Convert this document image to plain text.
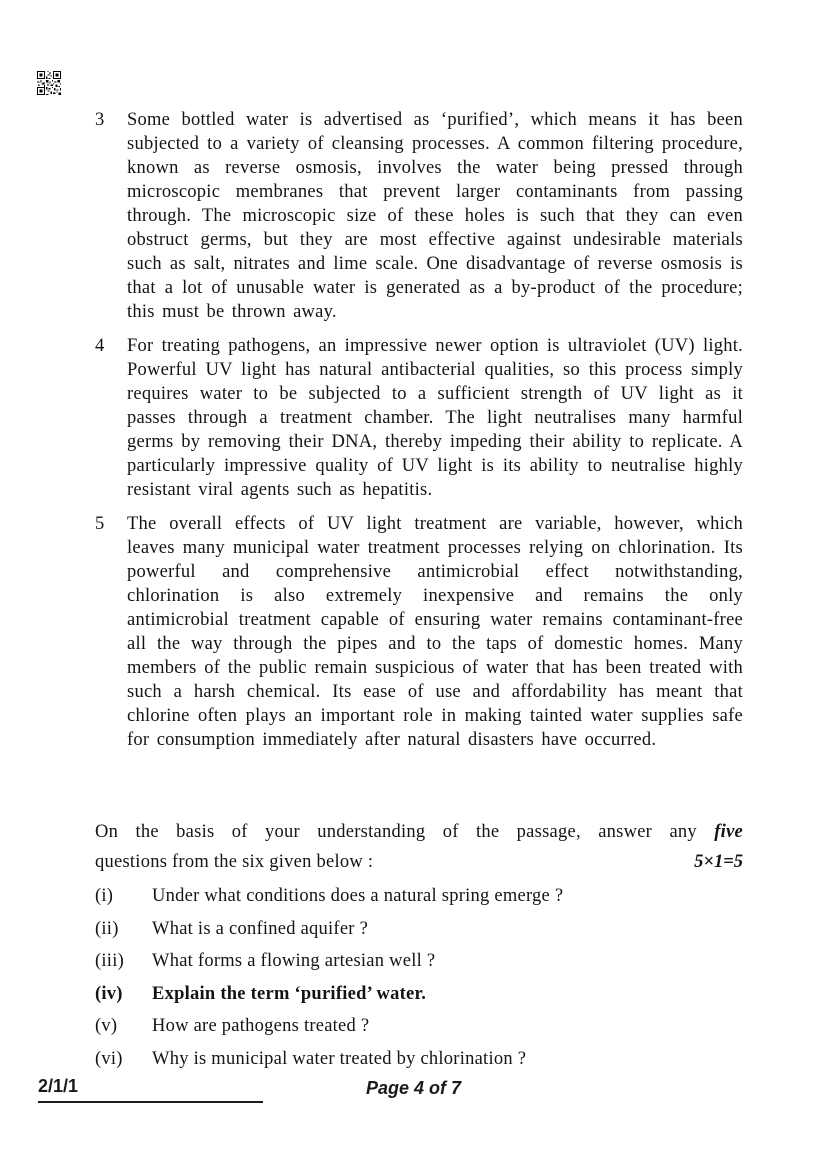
3	Some bottled water is advertised as ‘purified’, which means it has been subjected to a variety of cleansing processes. A common filtering procedure, known as reverse osmosis, involves the water being pressed through microscopic membranes that prevent larger contaminants from passing through. The microscopic size of these holes is such that they can even obstruct germs, but they are most effective against undesirable materials such as salt, nitrates and lime scale. One disadvantage of reverse osmosis is that a lot of unusable water is generated as a by-product of the procedure; this must be thrown away.
4	For treating pathogens, an impressive newer option is ultraviolet (UV) light. Powerful UV light has natural antibacterial qualities, so this process simply requires water to be subjected to a sufficient strength of UV light as it passes through a treatment chamber. The light neutralises many harmful germs by removing their DNA, thereby impeding their ability to replicate. A particularly impressive quality of UV light is its ability to neutralise highly resistant viral agents such as hepatitis.
5	The overall effects of UV light treatment are variable, however, which leaves many municipal water treatment processes relying on chlorination. Its powerful and comprehensive antimicrobial effect notwithstanding, chlorination is also extremely inexpensive and remains the only antimicrobial treatment capable of ensuring water remains contaminant-free all the way through the pipes and to the taps of domestic homes. Many members of the public remain suspicious of water that has been treated with such a harsh chemical. Its ease of use and affordability has meant that chlorine often plays an important role in making tainted water supplies safe for consumption immediately after natural disasters have occurred.
On the basis of your understanding of the passage, answer any five
questions from the six given below :	5×1=5
(i)	Under what conditions does a natural spring emerge ?
(ii)	What is a confined aquifer ?
(iii)	What forms a flowing artesian well ?
(iv)	Explain the term ‘purified’ water.
(v)	How are pathogens treated ?
(vi)	Why is municipal water treated by chlorination ?
2/1/1	Page 4 of 7
